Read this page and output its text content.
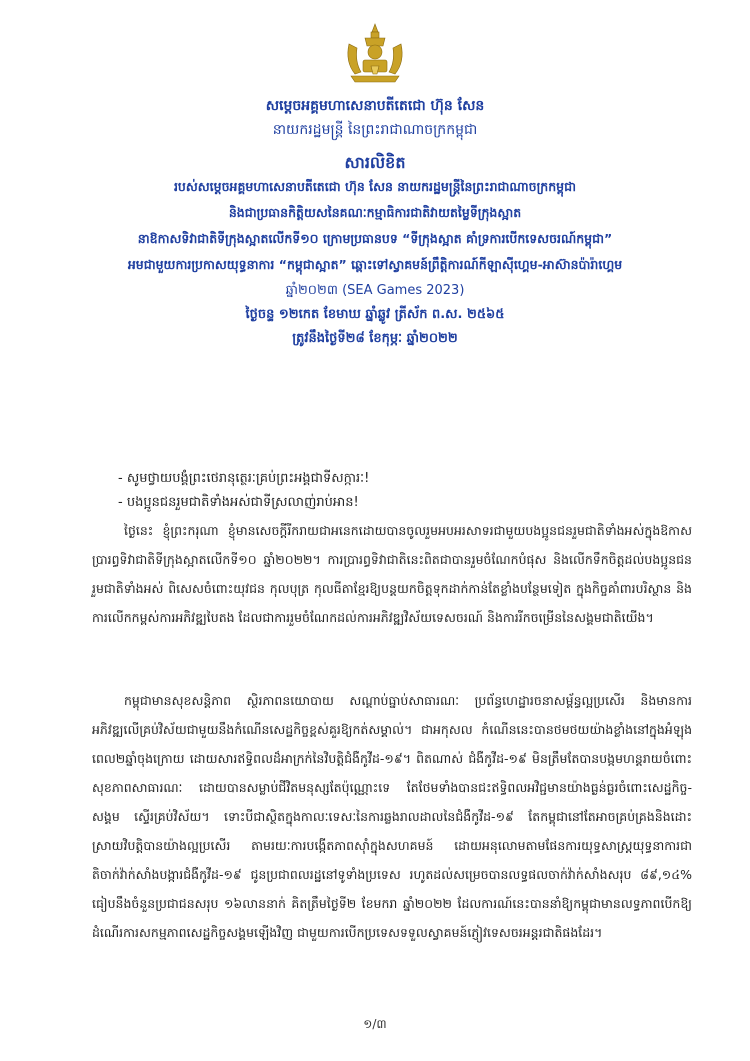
សម្ដេចអគ្គមហាសេនាបតីតេជោ ហ៊ុន សែន
នាយករដ្ឋមន្ត្រី នៃព្រះរាជាណាចក្រកម្ពុជា
សារលិខិត
របស់សម្ដេចអគ្គមហាសេនាបតីតេជោ ហ៊ុន សែន នាយករដ្ឋមន្ត្រីនៃព្រះរាជាណាចក្រកម្ពុជា
និងជាប្រធានកិត្តិយសនៃគណៈកម្មាធិការជាតិវាយតម្លៃទីក្រុងស្អាត
នាឱកាសទិវាជាតិទីក្រុងស្អាតលើកទី១០ ក្រោមប្រធានបទ “ទីក្រុងស្អាត គាំទ្រការបើកទេសចរណ៍កម្ពុជា”
អមជាមួយការប្រកាសយុទ្ធនាការ “កម្ពុជាស្អាត” ឆ្ពោះទៅស្វាគមន៍ព្រឹត្តិការណ៍កីឡាស៊ីហ្គេម-អាស៊ានប៉ារ៉ាហ្គេម
ឆ្នាំ២០២៣ (SEA Games 2023)
ថ្ងៃចន្ទ ១២កេត ខែមាឃ ឆ្នាំឆ្លូវ ត្រីស័ក ព.ស. ២៥៦៥
ត្រូវនឹងថ្ងៃទី២៨ ខែកុម្ភៈ ឆ្នាំ២០២២
- សូមថ្វាយបង្គំព្រះថេរានុត្ថេរៈគ្រប់ព្រះអង្គជាទីសក្ការៈ!
- បងប្អូនជនរួមជាតិទាំងអស់ជាទីស្រលាញ់រាប់អាន!

ថ្ងៃនេះ ខ្ញុំព្រះករុណា ខ្ញុំមានសេចក្តីរីករាយជាអនេកដោយបានចូលរួមអបអរសាទរជាមួយបងប្អូនជនរួមជាតិទាំងអស់ក្នុងឱកាសប្រារព្ធទិវាជាតិទីក្រុងស្អាតលើកទី១០ ឆ្នាំ២០២២។ ការប្រារព្ធទិវាជាតិនេះពិតជាបានរួមចំណែកបំផុស និងលើកទឹកចិត្តដល់បងប្អូនជនរួមជាតិទាំងអស់ ពិសេសចំពោះយុវជន កុលបុត្រ កុលធីតាខ្មែរឱ្យបន្តយកចិត្តទុកដាក់កាន់តែខ្លាំងបន្ថែមទៀត ក្នុងកិច្ចគាំពារបរិស្ថាន និងការលើកកម្ពស់ការអភិវឌ្ឍបៃតង ដែលជាការរួមចំណែកដល់ការអភិវឌ្ឍវិស័យទេសចរណ៍ និងការរីកចម្រើននៃសង្គមជាតិយើង។

កម្ពុជាមានសុខសន្តិភាព ស្ថិរភាពនយោបាយ សណ្តាប់ធ្នាប់សាធារណៈ ប្រព័ន្ធហេដ្ឋារចនាសម្ព័ន្ធល្អប្រសើរ និងមានការអភិវឌ្ឍលើគ្រប់វិស័យជាមួយនឹងកំណើនសេដ្ឋកិច្ចខ្ពស់គួរឱ្យកត់សម្គាល់។ ជាអកុសល កំណើននេះបានថមថយយ៉ាងខ្លាំងនៅក្នុងអំឡុងពេល២ឆ្នាំចុងក្រោយ ដោយសារឥទ្ធិពលដ៏អាក្រក់នៃវិបត្តិជំងឺកូវីដ-១៩។ ពិតណាស់ ជំងឺកូវីដ-១៩ មិនត្រឹមតែបានបង្កមហន្តរាយចំពោះសុខភាពសាធារណៈ ដោយបានសម្លាប់ជីវិតមនុស្សតែប៉ុណ្ណោះទេ តែថែមទាំងបានជះឥទ្ធិពលអវិជ្ជមានយ៉ាងធ្ងន់ធ្ងរចំពោះសេដ្ឋកិច្ច-សង្គម ស្ទើរគ្រប់វិស័យ។ ទោះបីជាស្ថិតក្នុងកាលៈទេសៈនៃការឆ្លងរាលដាលនៃជំងឺកូវីដ-១៩ តែកម្ពុជានៅតែអាចគ្រប់គ្រងនិងដោះស្រាយវិបត្តិបានយ៉ាងល្អប្រសើរ តាមរយៈការបង្កើតភាពស៊ាំក្នុងសហគមន៍ ដោយអនុលោមតាមផែនការយុទ្ធសាស្ត្រយុទ្ធនាការជាតិចាក់វ៉ាក់សាំងបង្ការជំងឺកូវីដ-១៩ ជូនប្រជាពលរដ្ឋនៅទូទាំងប្រទេស រហូតដល់សម្រេចបានលទ្ធផលចាក់វ៉ាក់សាំងសរុប ៨៩,១៤% ធៀបនឹងចំនួនប្រជាជនសរុប ១៦លាននាក់ គិតត្រឹមថ្ងៃទី២ ខែមករា ឆ្នាំ២០២២ ដែលការណ៍នេះបាននាំឱ្យកម្ពុជាមានលទ្ធភាពបើកឱ្យដំណើរការសកម្មភាពសេដ្ឋកិច្ចសង្គមឡើងវិញ ជាមួយការបើកប្រទេសទទួលស្វាគមន៍ភ្ញៀវទេសចរអន្តរជាតិផងដែរ។

១/៣
